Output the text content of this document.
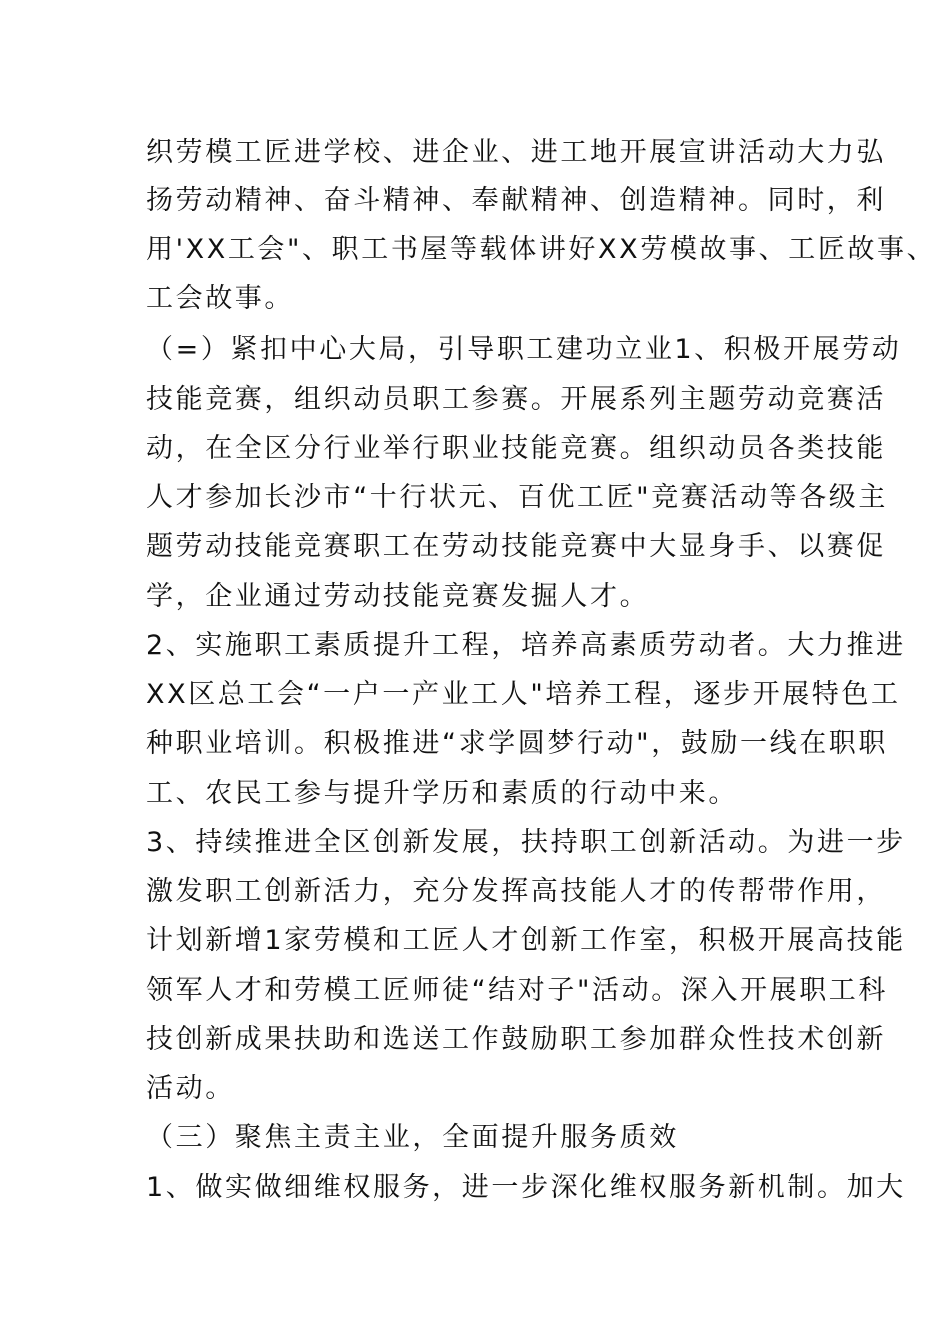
织劳模工匠进学校、进企业、进工地开展宣讲活动大力弘
扬劳动精神、奋斗精神、奉献精神、创造精神。同时，利
用'XX工会"、职工书屋等载体讲好XX劳模故事、工匠故事、
工会故事。
（=）紧扣中心大局，引导职工建功立业1、积极开展劳动
技能竞赛，组织动员职工参赛。开展系列主题劳动竞赛活
动，在全区分行业举行职业技能竞赛。组织动员各类技能
人才参加长沙市“十行状元、百优工匠"竞赛活动等各级主
题劳动技能竞赛职工在劳动技能竞赛中大显身手、以赛促
学，企业通过劳动技能竞赛发掘人才。
2、实施职工素质提升工程，培养高素质劳动者。大力推进
XX区总工会“一户一产业工人"培养工程，逐步开展特色工
种职业培训。积极推进“求学圆梦行动"，鼓励一线在职职
工、农民工参与提升学历和素质的行动中来。
3、持续推进全区创新发展，扶持职工创新活动。为进一步
激发职工创新活力，充分发挥高技能人才的传帮带作用，
计划新增1家劳模和工匠人才创新工作室，积极开展高技能
领军人才和劳模工匠师徒“结对子"活动。深入开展职工科
技创新成果扶助和选送工作鼓励职工参加群众性技术创新
活动。
（三）聚焦主责主业，全面提升服务质效
1、做实做细维权服务，进一步深化维权服务新机制。加大
